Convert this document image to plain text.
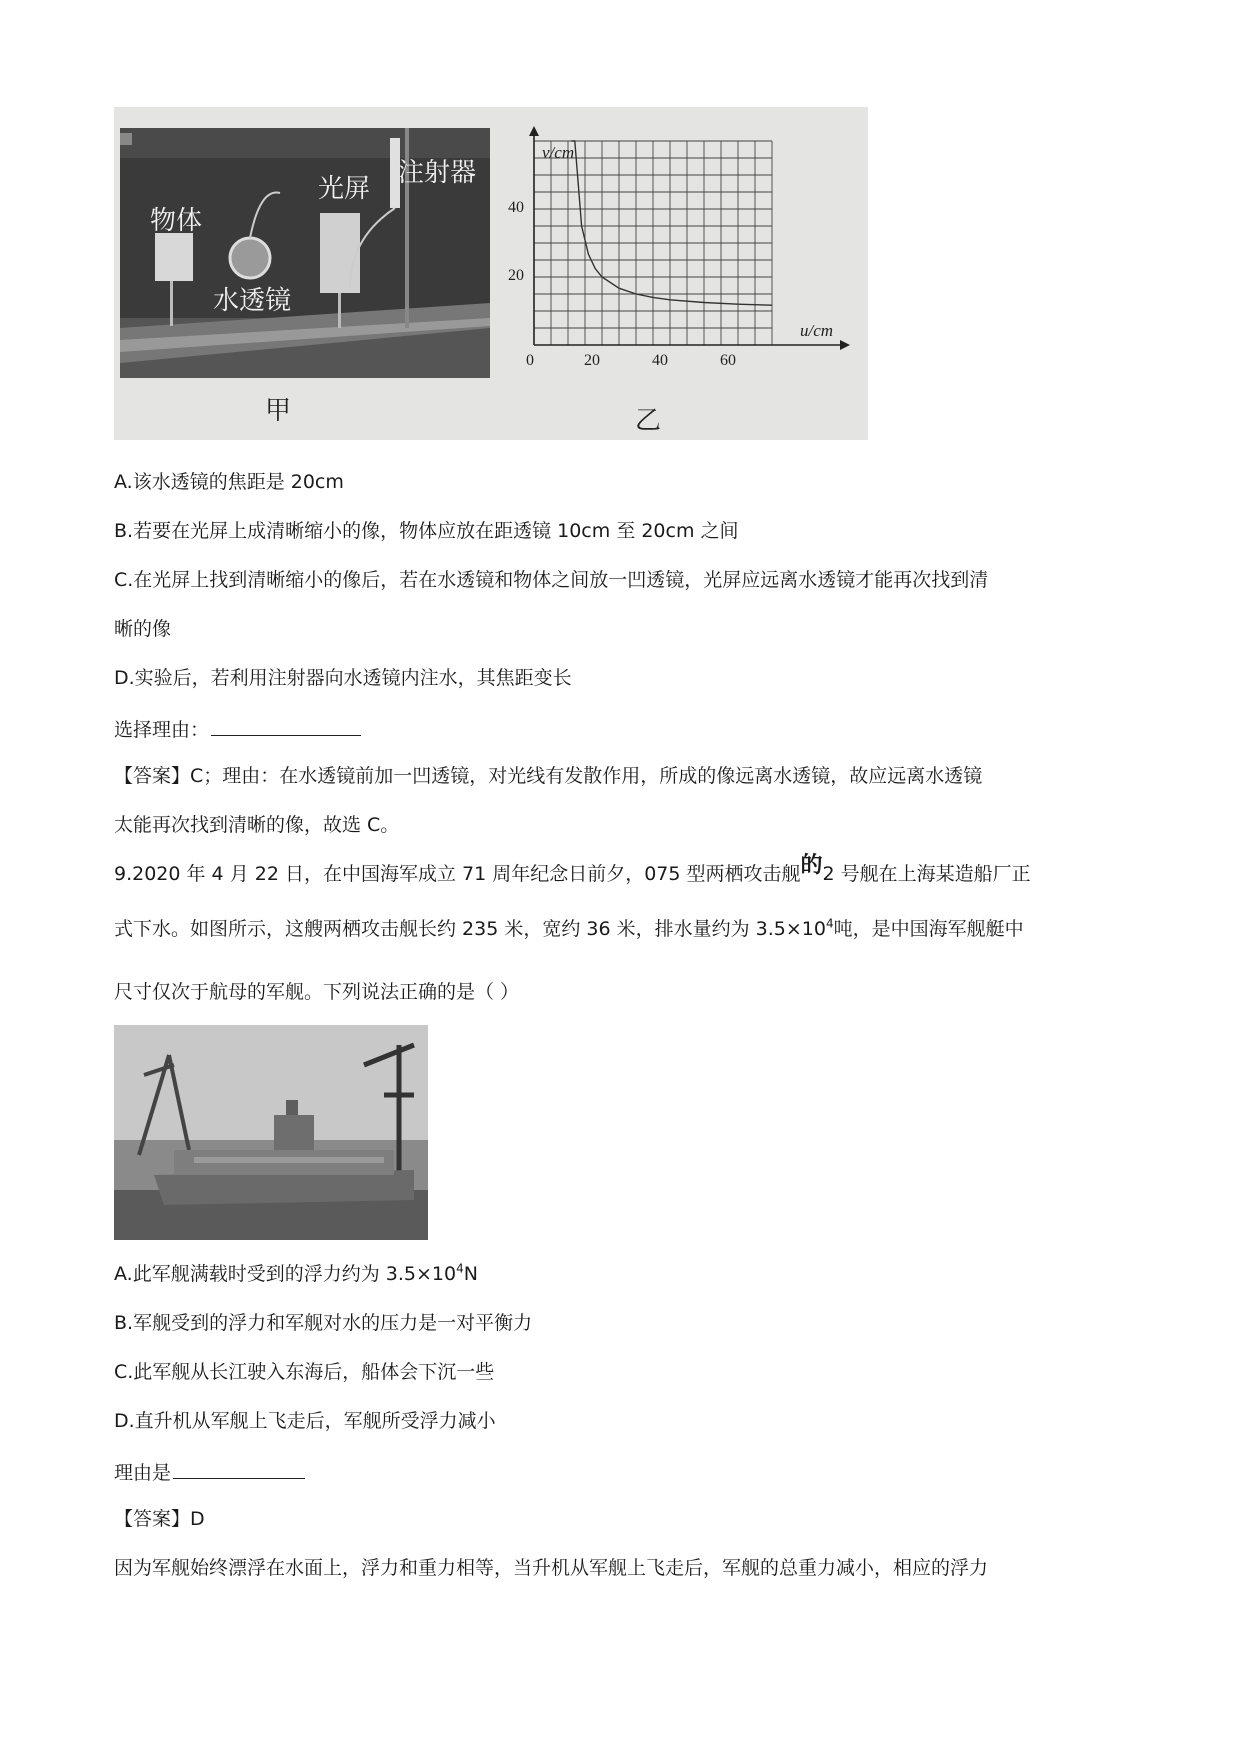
物体
水透镜
光屏
注射器
甲	乙
v/cm
u/cm
0
20
40
20	40	60
A.该水透镜的焦距是 20cm
B.若要在光屏上成清晰缩小的像，物体应放在距透镜 10cm 至 20cm 之间
C.在光屏上找到清晰缩小的像后，若在水透镜和物体之间放一凹透镜，光屏应远离水透镜才能再次找到清
晰的像
D.实验后，若利用注射器向水透镜内注水，其焦距变长
选择理由：
【答案】C；理由：在水透镜前加一凹透镜，对光线有发散作用，所成的像远离水透镜，故应远离水透镜
太能再次找到清晰的像，故选 C。
9.2020 年 4 月 22 日，在中国海军成立 71 周年纪念日前夕，075 型两栖攻击舰的2 号舰在上海某造船厂正
式下水。如图所示，这艘两栖攻击舰长约 235 米，宽约 36 米，排水量约为 $3.5\times 10^4$吨，是中国海军舰艇中
尺寸仅次于航母的军舰。下列说法正确的是（ ）
A.此军舰满载时受到的浮力约为 $3.5\times 10^4N$
B.军舰受到的浮力和军舰对水的压力是一对平衡力
C.此军舰从长江驶入东海后，船体会下沉一些
D.直升机从军舰上飞走后，军舰所受浮力减小
理由是
【答案】D
因为军舰始终漂浮在水面上，浮力和重力相等，当升机从军舰上飞走后，军舰的总重力减小，相应的浮力
